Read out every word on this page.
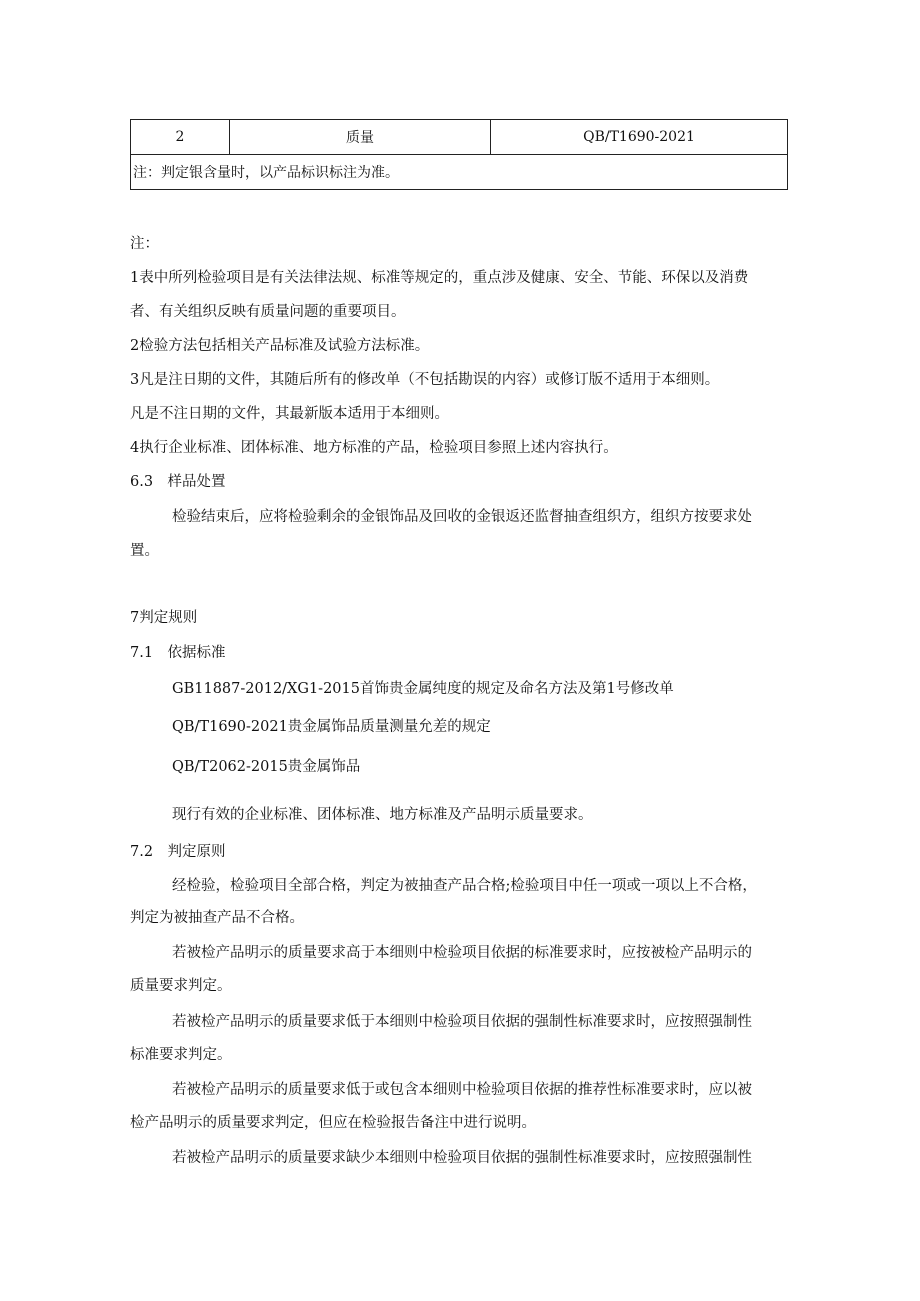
2	质量	QB/T1690-2021
注：判定银含量时，以产品标识标注为准。
注：
1表中所列检验项目是有关法律法规、标准等规定的，重点涉及健康、安全、节能、环保以及消费
者、有关组织反映有质量问题的重要项目。
2检验方法包括相关产品标准及试验方法标准。
3凡是注日期的文件，其随后所有的修改单（不包括勘误的内容）或修订版不适用于本细则。
凡是不注日期的文件，其最新版本适用于本细则。
4执行企业标准、团体标准、地方标准的产品，检验项目参照上述内容执行。
6.3　样品处置
检验结束后，应将检验剩余的金银饰品及回收的金银返还监督抽查组织方，组织方按要求处
置。
7判定规则
7.1　依据标准
GB11887-2012/XG1-2015首饰贵金属纯度的规定及命名方法及第1号修改单
QB/T1690-2021贵金属饰品质量测量允差的规定
QB/T2062-2015贵金属饰品
现行有效的企业标准、团体标准、地方标准及产品明示质量要求。
7.2　判定原则
经检验，检验项目全部合格，判定为被抽查产品合格;检验项目中任一项或一项以上不合格，
判定为被抽查产品不合格。
若被检产品明示的质量要求高于本细则中检验项目依据的标准要求时，应按被检产品明示的
质量要求判定。
若被检产品明示的质量要求低于本细则中检验项目依据的强制性标准要求时，应按照强制性
标准要求判定。
若被检产品明示的质量要求低于或包含本细则中检验项目依据的推荐性标准要求时，应以被
检产品明示的质量要求判定，但应在检验报告备注中进行说明。
若被检产品明示的质量要求缺少本细则中检验项目依据的强制性标准要求时，应按照强制性
